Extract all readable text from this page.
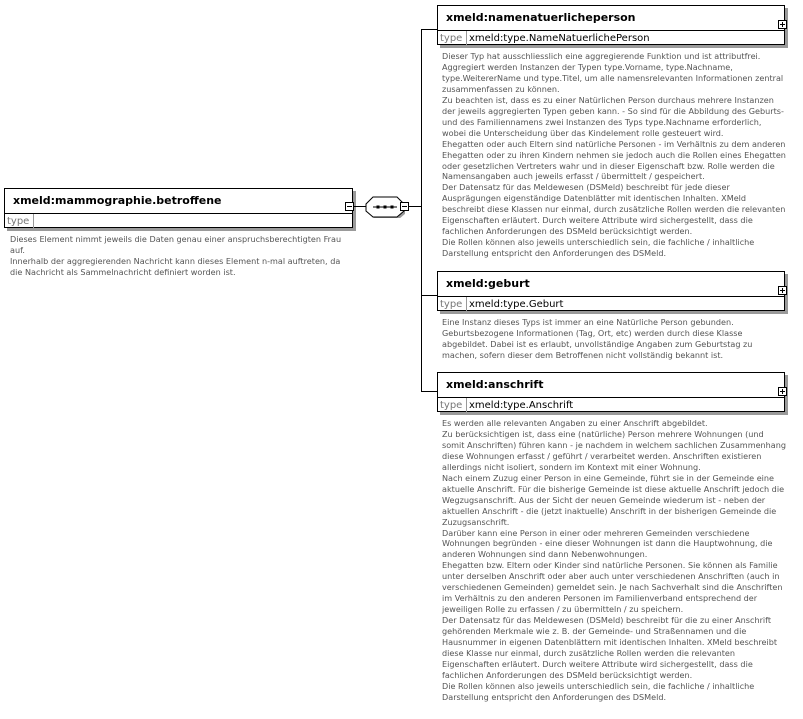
xmeld:mammographie.betroffene
type
Dieses Element nimmt jeweils die Daten genau einer anspruchsberechtigten Frau auf.
Innerhalb der aggregierenden Nachricht kann dieses Element n-mal auftreten, da die Nachricht als Sammelnachricht definiert worden ist.
xmeld:namenatuerlicheperson
type xmeld:type.NameNatuerlichePerson
Dieser Typ hat ausschliesslich eine aggregierende Funktion und ist attributfrei. Aggregiert werden Instanzen der Typen type.Vorname, type.Nachname, type.WeitererName und type.Titel, um alle namensrelevanten Informationen zentral zusammenfassen zu können.
Zu beachten ist, dass es zu einer Natürlichen Person durchaus mehrere Instanzen der jeweils aggregierten Typen geben kann. - So sind für die Abbildung des Geburts- und des Familiennamens zwei Instanzen des Typs type.Nachname erforderlich, wobei die Unterscheidung über das Kindelement rolle gesteuert wird.
Ehegatten oder auch Eltern sind natürliche Personen - im Verhältnis zu dem anderen Ehegatten oder zu ihren Kindern nehmen sie jedoch auch die Rollen eines Ehegatten oder gesetzlichen Vertreters wahr und in dieser Eigenschaft bzw. Rolle werden die Namensangaben auch jeweils erfasst / übermittelt / gespeichert.
Der Datensatz für das Meldewesen (DSMeld) beschreibt für jede dieser Ausprägungen eigenständige Datenblätter mit identischen Inhalten. XMeld beschreibt diese Klassen nur einmal, durch zusätzliche Rollen werden die relevanten Eigenschaften erläutert. Durch weitere Attribute wird sichergestellt, dass die fachlichen Anforderungen des DSMeld berücksichtigt werden.
Die Rollen können also jeweils unterschiedlich sein, die fachliche / inhaltliche Darstellung entspricht den Anforderungen des DSMeld.
xmeld:geburt
type xmeld:type.Geburt
Eine Instanz dieses Typs ist immer an eine Natürliche Person gebunden. Geburtsbezogene Informationen (Tag, Ort, etc) werden durch diese Klasse abgebildet. Dabei ist es erlaubt, unvollständige Angaben zum Geburtstag zu machen, sofern dieser dem Betroffenen nicht vollständig bekannt ist.
xmeld:anschrift
type xmeld:type.Anschrift
Es werden alle relevanten Angaben zu einer Anschrift abgebildet.
Zu berücksichtigen ist, dass eine (natürliche) Person mehrere Wohnungen (und somit Anschriften) führen kann - je nachdem in welchem sachlichen Zusammenhang diese Wohnungen erfasst / geführt / verarbeitet werden. Anschriften existieren allerdings nicht isoliert, sondern im Kontext mit einer Wohnung.
Nach einem Zuzug einer Person in eine Gemeinde, führt sie in der Gemeinde eine aktuelle Anschrift. Für die bisherige Gemeinde ist diese aktuelle Anschrift jedoch die Wegzugsanschrift. Aus der Sicht der neuen Gemeinde wiederum ist - neben der aktuellen Anschrift - die (jetzt inaktuelle) Anschrift in der bisherigen Gemeinde die Zuzugsanschrift.
Darüber kann eine Person in einer oder mehreren Gemeinden verschiedene Wohnungen begründen - eine dieser Wohnungen ist dann die Hauptwohnung, die anderen Wohnungen sind dann Nebenwohnungen.
Ehegatten bzw. Eltern oder Kinder sind natürliche Personen. Sie können als Familie unter derselben Anschrift oder aber auch unter verschiedenen Anschriften (auch in verschiedenen Gemeinden) gemeldet sein. Je nach Sachverhalt sind die Anschriften im Verhältnis zu den anderen Personen im Familienverband entsprechend der jeweiligen Rolle zu erfassen / zu übermitteln / zu speichern.
Der Datensatz für das Meldewesen (DSMeld) beschreibt für die zu einer Anschrift gehörenden Merkmale wie z. B. der Gemeinde- und Straßennamen und die Hausnummer in eigenen Datenblättern mit identischen Inhalten. XMeld beschreibt diese Klasse nur einmal, durch zusätzliche Rollen werden die relevanten Eigenschaften erläutert. Durch weitere Attribute wird sichergestellt, dass die fachlichen Anforderungen des DSMeld berücksichtigt werden.
Die Rollen können also jeweils unterschiedlich sein, die fachliche / inhaltliche Darstellung entspricht den Anforderungen des DSMeld.
